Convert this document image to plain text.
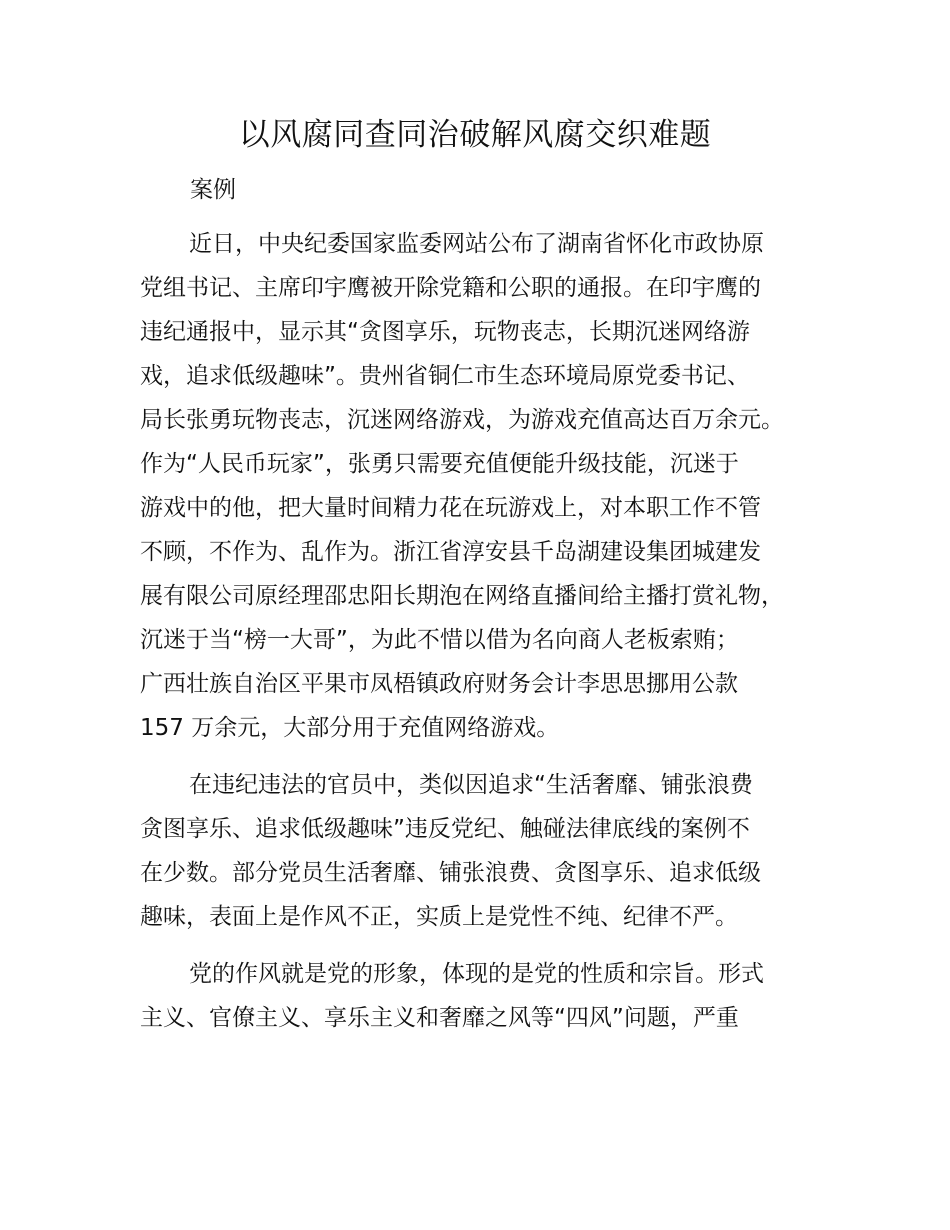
以风腐同查同治破解风腐交织难题

案例

近日，中央纪委国家监委网站公布了湖南省怀化市政协原
党组书记、主席印宇鹰被开除党籍和公职的通报。在印宇鹰的
违纪通报中，显示其“贪图享乐，玩物丧志，长期沉迷网络游
戏，追求低级趣味”。贵州省铜仁市生态环境局原党委书记、
局长张勇玩物丧志，沉迷网络游戏，为游戏充值高达百万余元。
作为“人民币玩家”，张勇只需要充值便能升级技能，沉迷于
游戏中的他，把大量时间精力花在玩游戏上，对本职工作不管
不顾，不作为、乱作为。浙江省淳安县千岛湖建设集团城建发
展有限公司原经理邵忠阳长期泡在网络直播间给主播打赏礼物，
沉迷于当“榜一大哥”，为此不惜以借为名向商人老板索贿；
广西壮族自治区平果市凤梧镇政府财务会计李思思挪用公款
157 万余元，大部分用于充值网络游戏。

在违纪违法的官员中，类似因追求“生活奢靡、铺张浪费
贪图享乐、追求低级趣味”违反党纪、触碰法律底线的案例不
在少数。部分党员生活奢靡、铺张浪费、贪图享乐、追求低级
趣味，表面上是作风不正，实质上是党性不纯、纪律不严。

党的作风就是党的形象，体现的是党的性质和宗旨。形式
主义、官僚主义、享乐主义和奢靡之风等“四风”问题，严重
